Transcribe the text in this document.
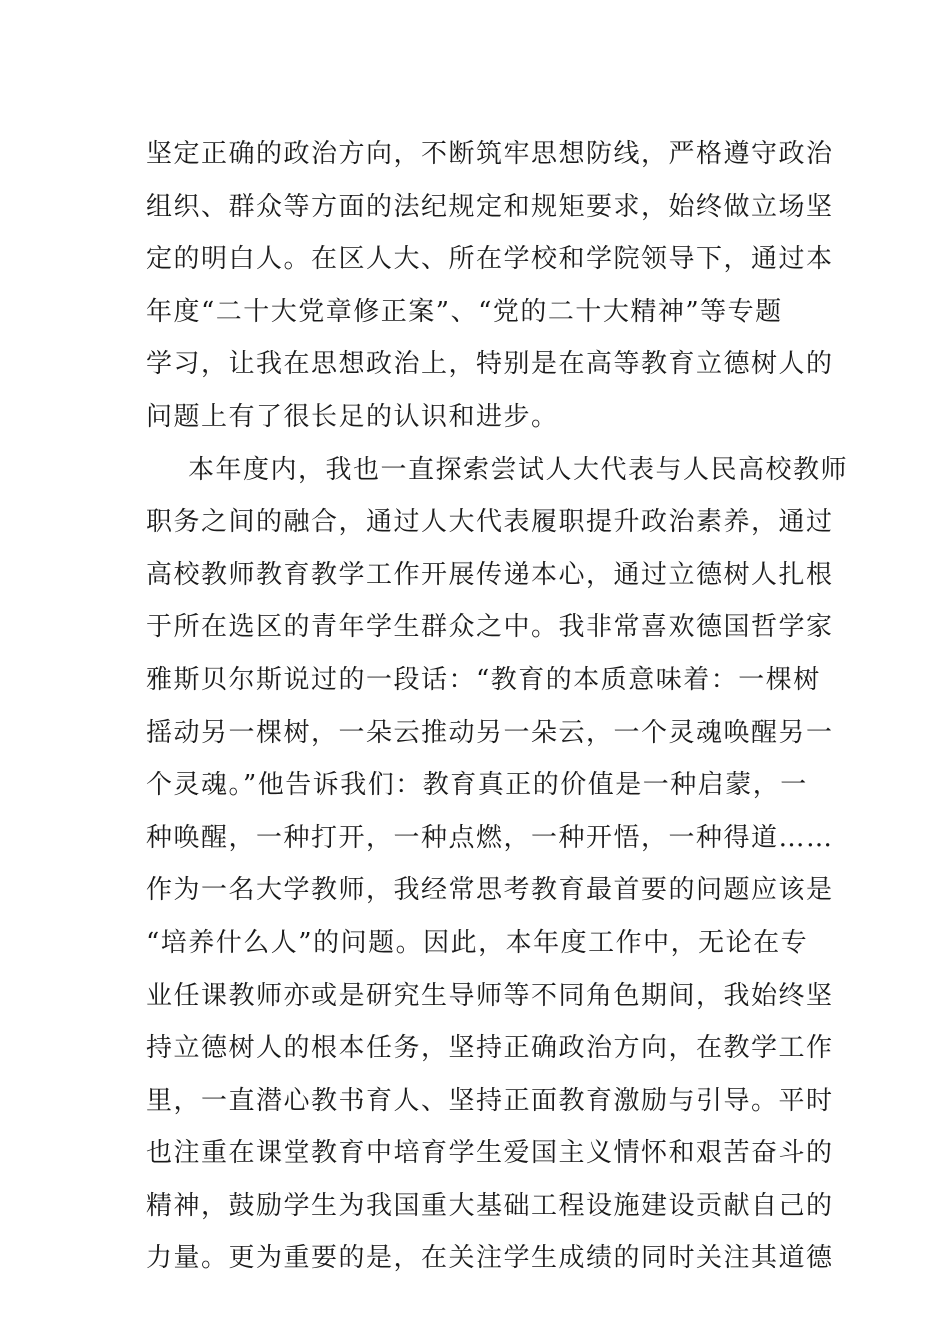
坚定正确的政治方向，不断筑牢思想防线，严格遵守政治
组织、群众等方面的法纪规定和规矩要求，始终做立场坚
定的明白人。在区人大、所在学校和学院领导下，通过本
年度“二十大党章修正案”、“党的二十大精神”等专题
学习，让我在思想政治上，特别是在高等教育立德树人的
问题上有了很长足的认识和进步。
本年度内，我也一直探索尝试人大代表与人民高校教师
职务之间的融合，通过人大代表履职提升政治素养，通过
高校教师教育教学工作开展传递本心，通过立德树人扎根
于所在选区的青年学生群众之中。我非常喜欢德国哲学家
雅斯贝尔斯说过的一段话：“教育的本质意味着：一棵树
摇动另一棵树，一朵云推动另一朵云，一个灵魂唤醒另一
个灵魂。”他告诉我们：教育真正的价值是一种启蒙，一
种唤醒，一种打开，一种点燃，一种开悟，一种得道……
作为一名大学教师，我经常思考教育最首要的问题应该是
“培养什么人”的问题。因此，本年度工作中，无论在专
业任课教师亦或是研究生导师等不同角色期间，我始终坚
持立德树人的根本任务，坚持正确政治方向，在教学工作
里，一直潜心教书育人、坚持正面教育激励与引导。平时
也注重在课堂教育中培育学生爱国主义情怀和艰苦奋斗的
精神，鼓励学生为我国重大基础工程设施建设贡献自己的
力量。更为重要的是，在关注学生成绩的同时关注其道德
